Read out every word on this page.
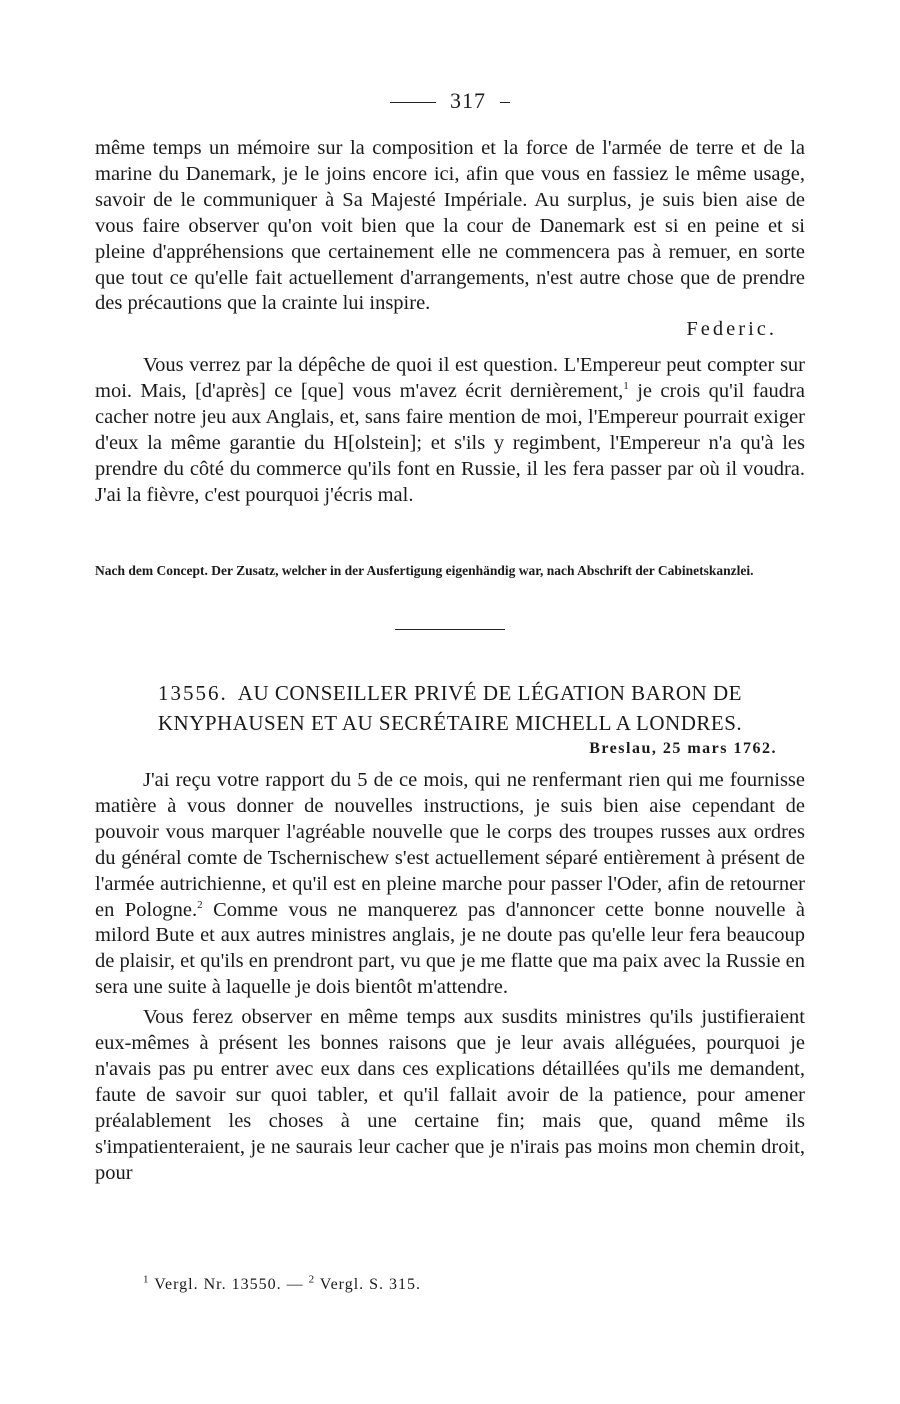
317

même temps un mémoire sur la composition et la force de l'armée de terre et de la marine du Danemark, je le joins encore ici, afin que vous en fassiez le même usage, savoir de le communiquer à Sa Majesté Impériale. Au surplus, je suis bien aise de vous faire observer qu'on voit bien que la cour de Danemark est si en peine et si pleine d'appréhensions que certainement elle ne commencera pas à remuer, en sorte que tout ce qu'elle fait actuellement d'arrangements, n'est autre chose que de prendre des précautions que la crainte lui inspire.

Federic.

Vous verrez par la dépêche de quoi il est question. L'Empereur peut compter sur moi. Mais, [d'après] ce [que] vous m'avez écrit dernièrement,$^1$ je crois qu'il faudra cacher notre jeu aux Anglais, et, sans faire mention de moi, l'Empereur pourrait exiger d'eux la même garantie du H[olstein]; et s'ils y regimbent, l'Empereur n'a qu'à les prendre du côté du commerce qu'ils font en Russie, il les fera passer par où il voudra. J'ai la fièvre, c'est pourquoi j'écris mal.

Nach dem Concept. Der Zusatz, welcher in der Ausfertigung eigenhändig war, nach Abschrift der Cabinetskanzlei.
13556. AU CONSEILLER PRIVÉ DE LÉGATION BARON DE
KNYPHAUSEN ET AU SECRÉTAIRE MICHELL A LONDRES.
Breslau, 25 mars 1762.

J'ai reçu votre rapport du 5 de ce mois, qui ne renfermant rien qui me fournisse matière à vous donner de nouvelles instructions, je suis bien aise cependant de pouvoir vous marquer l'agréable nouvelle que le corps des troupes russes aux ordres du général comte de Tschernischew s'est actuellement séparé entièrement à présent de l'armée autrichienne, et qu'il est en pleine marche pour passer l'Oder, afin de retourner en Pologne.$^2$ Comme vous ne manquerez pas d'annoncer cette bonne nouvelle à milord Bute et aux autres ministres anglais, je ne doute pas qu'elle leur fera beaucoup de plaisir, et qu'ils en prendront part, vu que je me flatte que ma paix avec la Russie en sera une suite à laquelle je dois bientôt m'attendre.

Vous ferez observer en même temps aux susdits ministres qu'ils justifieraient eux-mêmes à présent les bonnes raisons que je leur avais alléguées, pourquoi je n'avais pas pu entrer avec eux dans ces explications détaillées qu'ils me demandent, faute de savoir sur quoi tabler, et qu'il fallait avoir de la patience, pour amener préalablement les choses à une certaine fin; mais que, quand même ils s'impatienteraient, je ne saurais leur cacher que je n'irais pas moins mon chemin droit, pour

$^1$ Vergl. Nr. 13550. — $^2$ Vergl. S. 315.
